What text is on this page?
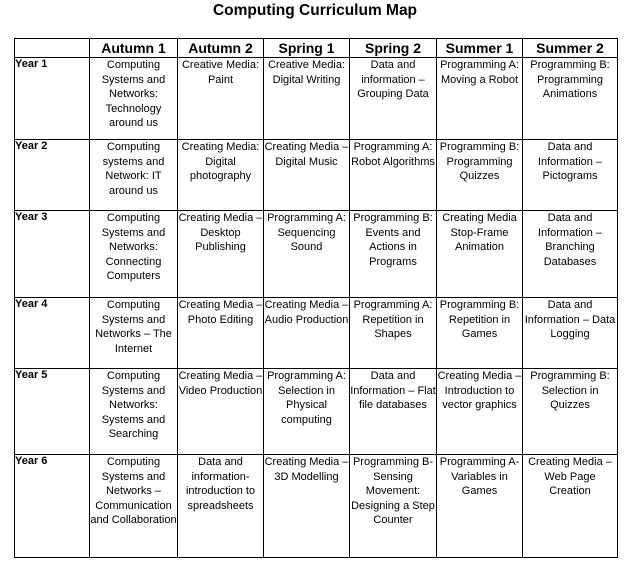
Computing Curriculum Map
	Autumn 1	Autumn 2	Spring 1	Spring 2	Summer 1	Summer 2
Year 1	Computing Systems and Networks: Technology around us	Creative Media: Paint	Creative Media: Digital Writing	Data and information – Grouping Data	Programming A: Moving a Robot	Programming B: Programming Animations
Year 2	Computing systems and Network: IT around us	Creating Media: Digital photography	Creating Media – Digital Music	Programming A: Robot Algorithms	Programming B: Programming Quizzes	Data and Information – Pictograms
Year 3	Computing Systems and Networks: Connecting Computers	Creating Media – Desktop Publishing	Programming A: Sequencing Sound	Programming B: Events and Actions in Programs	Creating Media Stop-Frame Animation	Data and Information – Branching Databases
Year 4	Computing Systems and Networks – The Internet	Creating Media – Photo Editing	Creating Media – Audio Production	Programming A: Repetition in Shapes	Programming B: Repetition in Games	Data and Information – Data Logging
Year 5	Computing Systems and Networks: Systems and Searching	Creating Media – Video Production	Programming A: Selection in Physical computing	Data and Information – Flat file databases	Creating Media – Introduction to vector graphics	Programming B: Selection in Quizzes
Year 6	Computing Systems and Networks – Communication and Collaboration	Data and information- introduction to spreadsheets	Creating Media – 3D Modelling	Programming B- Sensing Movement: Designing a Step Counter	Programming A-Variables in Games	Creating Media – Web Page Creation
